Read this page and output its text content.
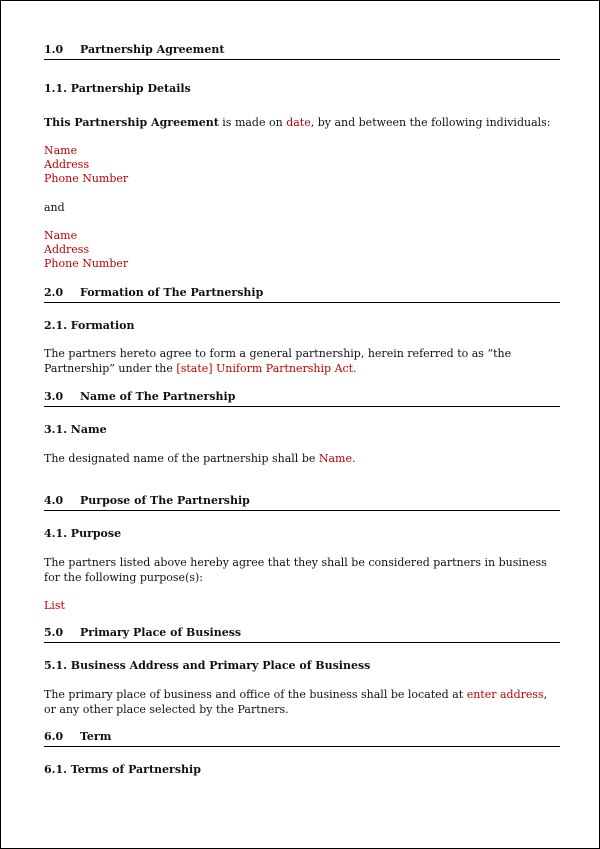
1.0 Partnership Agreement
1.1. Partnership Details
This Partnership Agreement is made on date, by and between the following individuals:
Name
Address
Phone Number
and
Name
Address
Phone Number
2.0 Formation of The Partnership
2.1. Formation
The partners hereto agree to form a general partnership, herein referred to as “the Partnership” under the [state] Uniform Partnership Act.
3.0 Name of The Partnership
3.1. Name
The designated name of the partnership shall be Name.
4.0 Purpose of The Partnership
4.1. Purpose
The partners listed above hereby agree that they shall be considered partners in business for the following purpose(s):
List
5.0 Primary Place of Business
5.1. Business Address and Primary Place of Business
The primary place of business and office of the business shall be located at enter address, or any other place selected by the Partners.
6.0 Term
6.1. Terms of Partnership
